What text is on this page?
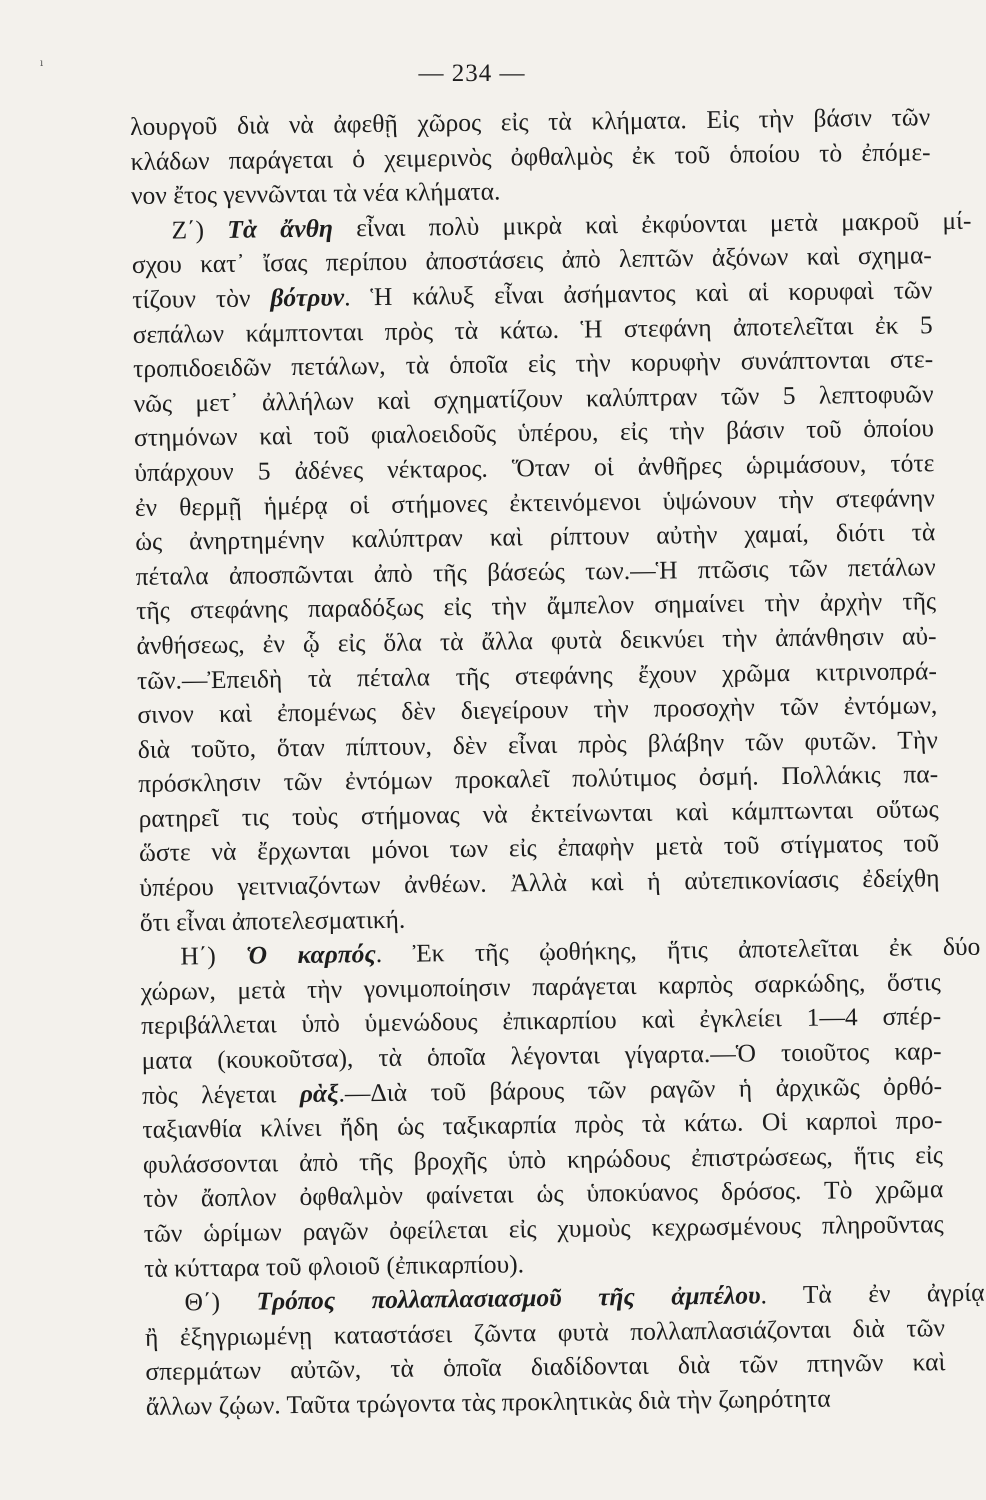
ı	— 234 —
λουργοῦ διὰ νὰ ἀφεθῇ χῶρος εἰς τὰ κλήματα. Εἰς τὴν βάσιν τῶν
κλάδων παράγεται ὁ χειμερινὸς ὀφθαλμὸς ἐκ τοῦ ὁποίου τὸ ἐπόμε-
νον ἔτος γεννῶνται τὰ νέα κλήματα.
Ζ΄) Τὰ ἄνθη εἶναι πολὺ μικρὰ καὶ ἐκφύονται μετὰ μακροῦ μί-
σχου κατ᾽ ἴσας περίπου ἀποστάσεις ἀπὸ λεπτῶν ἀξόνων καὶ σχημα-
τίζουν τὸν βότρυν. Ἡ κάλυξ εἶναι ἀσήμαντος καὶ αἱ κορυφαὶ τῶν
σεπάλων κάμπτονται πρὸς τὰ κάτω. Ἡ στεφάνη ἀποτελεῖται ἐκ 5
τροπιδοειδῶν πετάλων, τὰ ὁποῖα εἰς τὴν κορυφὴν συνάπτονται στε-
νῶς μετ᾽ ἀλλήλων καὶ σχηματίζουν καλύπτραν τῶν 5 λεπτοφυῶν
στημόνων καὶ τοῦ φιαλοειδοῦς ὑπέρου, εἰς τὴν βάσιν τοῦ ὁποίου
ὑπάρχουν 5 ἀδένες νέκταρος. Ὅταν οἱ ἀνθῆρες ὡριμάσουν, τότε
ἐν θερμῇ ἡμέρᾳ οἱ στήμονες ἐκτεινόμενοι ὑψώνουν τὴν στεφάνην
ὡς ἀνηρτημένην καλύπτραν καὶ ρίπτουν αὐτὴν χαμαί, διότι τὰ
πέταλα ἀποσπῶνται ἀπὸ τῆς βάσεώς των.—Ἡ πτῶσις τῶν πετάλων
τῆς στεφάνης παραδόξως εἰς τὴν ἄμπελον σημαίνει τὴν ἀρχὴν τῆς
ἀνθήσεως, ἐν ᾧ εἰς ὅλα τὰ ἄλλα φυτὰ δεικνύει τὴν ἀπάνθησιν αὐ-
τῶν.—Ἐπειδὴ τὰ πέταλα τῆς στεφάνης ἔχουν χρῶμα κιτρινοπρά-
σινον καὶ ἐπομένως δὲν διεγείρουν τὴν προσοχὴν τῶν ἐντόμων,
διὰ τοῦτο, ὅταν πίπτουν, δὲν εἶναι πρὸς βλάβην τῶν φυτῶν. Τὴν
πρόσκλησιν τῶν ἐντόμων προκαλεῖ πολύτιμος ὀσμή. Πολλάκις πα-
ρατηρεῖ τις τοὺς στήμονας νὰ ἐκτείνωνται καὶ κάμπτωνται οὕτως
ὥστε νὰ ἔρχωνται μόνοι των εἰς ἐπαφὴν μετὰ τοῦ στίγματος τοῦ
ὑπέρου γειτνιαζόντων ἀνθέων. Ἀλλὰ καὶ ἡ αὐτεπικονίασις ἐδείχθη
ὅτι εἶναι ἀποτελεσματική.
Η΄) Ὁ καρπός. Ἐκ τῆς ᾠοθήκης, ἥτις ἀποτελεῖται ἐκ δύο
χώρων, μετὰ τὴν γονιμοποίησιν παράγεται καρπὸς σαρκώδης, ὅστις
περιβάλλεται ὑπὸ ὑμενώδους ἐπικαρπίου καὶ ἐγκλείει 1—4 σπέρ-
ματα (κουκοῦτσα), τὰ ὁποῖα λέγονται γίγαρτα.—Ὁ τοιοῦτος καρ-
πὸς λέγεται ρὰξ.—Διὰ τοῦ βάρους τῶν ραγῶν ἡ ἀρχικῶς ὀρθό-
ταξιανθία κλίνει ἤδη ὡς ταξικαρπία πρὸς τὰ κάτω. Οἱ καρποὶ προ-
φυλάσσονται ἀπὸ τῆς βροχῆς ὑπὸ κηρώδους ἐπιστρώσεως, ἥτις εἰς
τὸν ἄοπλον ὀφθαλμὸν φαίνεται ὡς ὑποκύανος δρόσος. Τὸ χρῶμα
τῶν ὡρίμων ραγῶν ὀφείλεται εἰς χυμοὺς κεχρωσμένους πληροῦντας
τὰ κύτταρα τοῦ φλοιοῦ (ἐπικαρπίου).
Θ΄) Τρόπος πολλαπλασιασμοῦ τῆς ἀμπέλου. Τὰ ἐν ἀγρίᾳ
ἢ ἐξηγριωμένῃ καταστάσει ζῶντα φυτὰ πολλαπλασιάζονται διὰ τῶν
σπερμάτων αὐτῶν, τὰ ὁποῖα διαδίδονται διὰ τῶν πτηνῶν καὶ
ἄλλων ζῴων. Ταῦτα τρώγοντα τὰς προκλητικὰς διὰ τὴν ζωηρότητα
